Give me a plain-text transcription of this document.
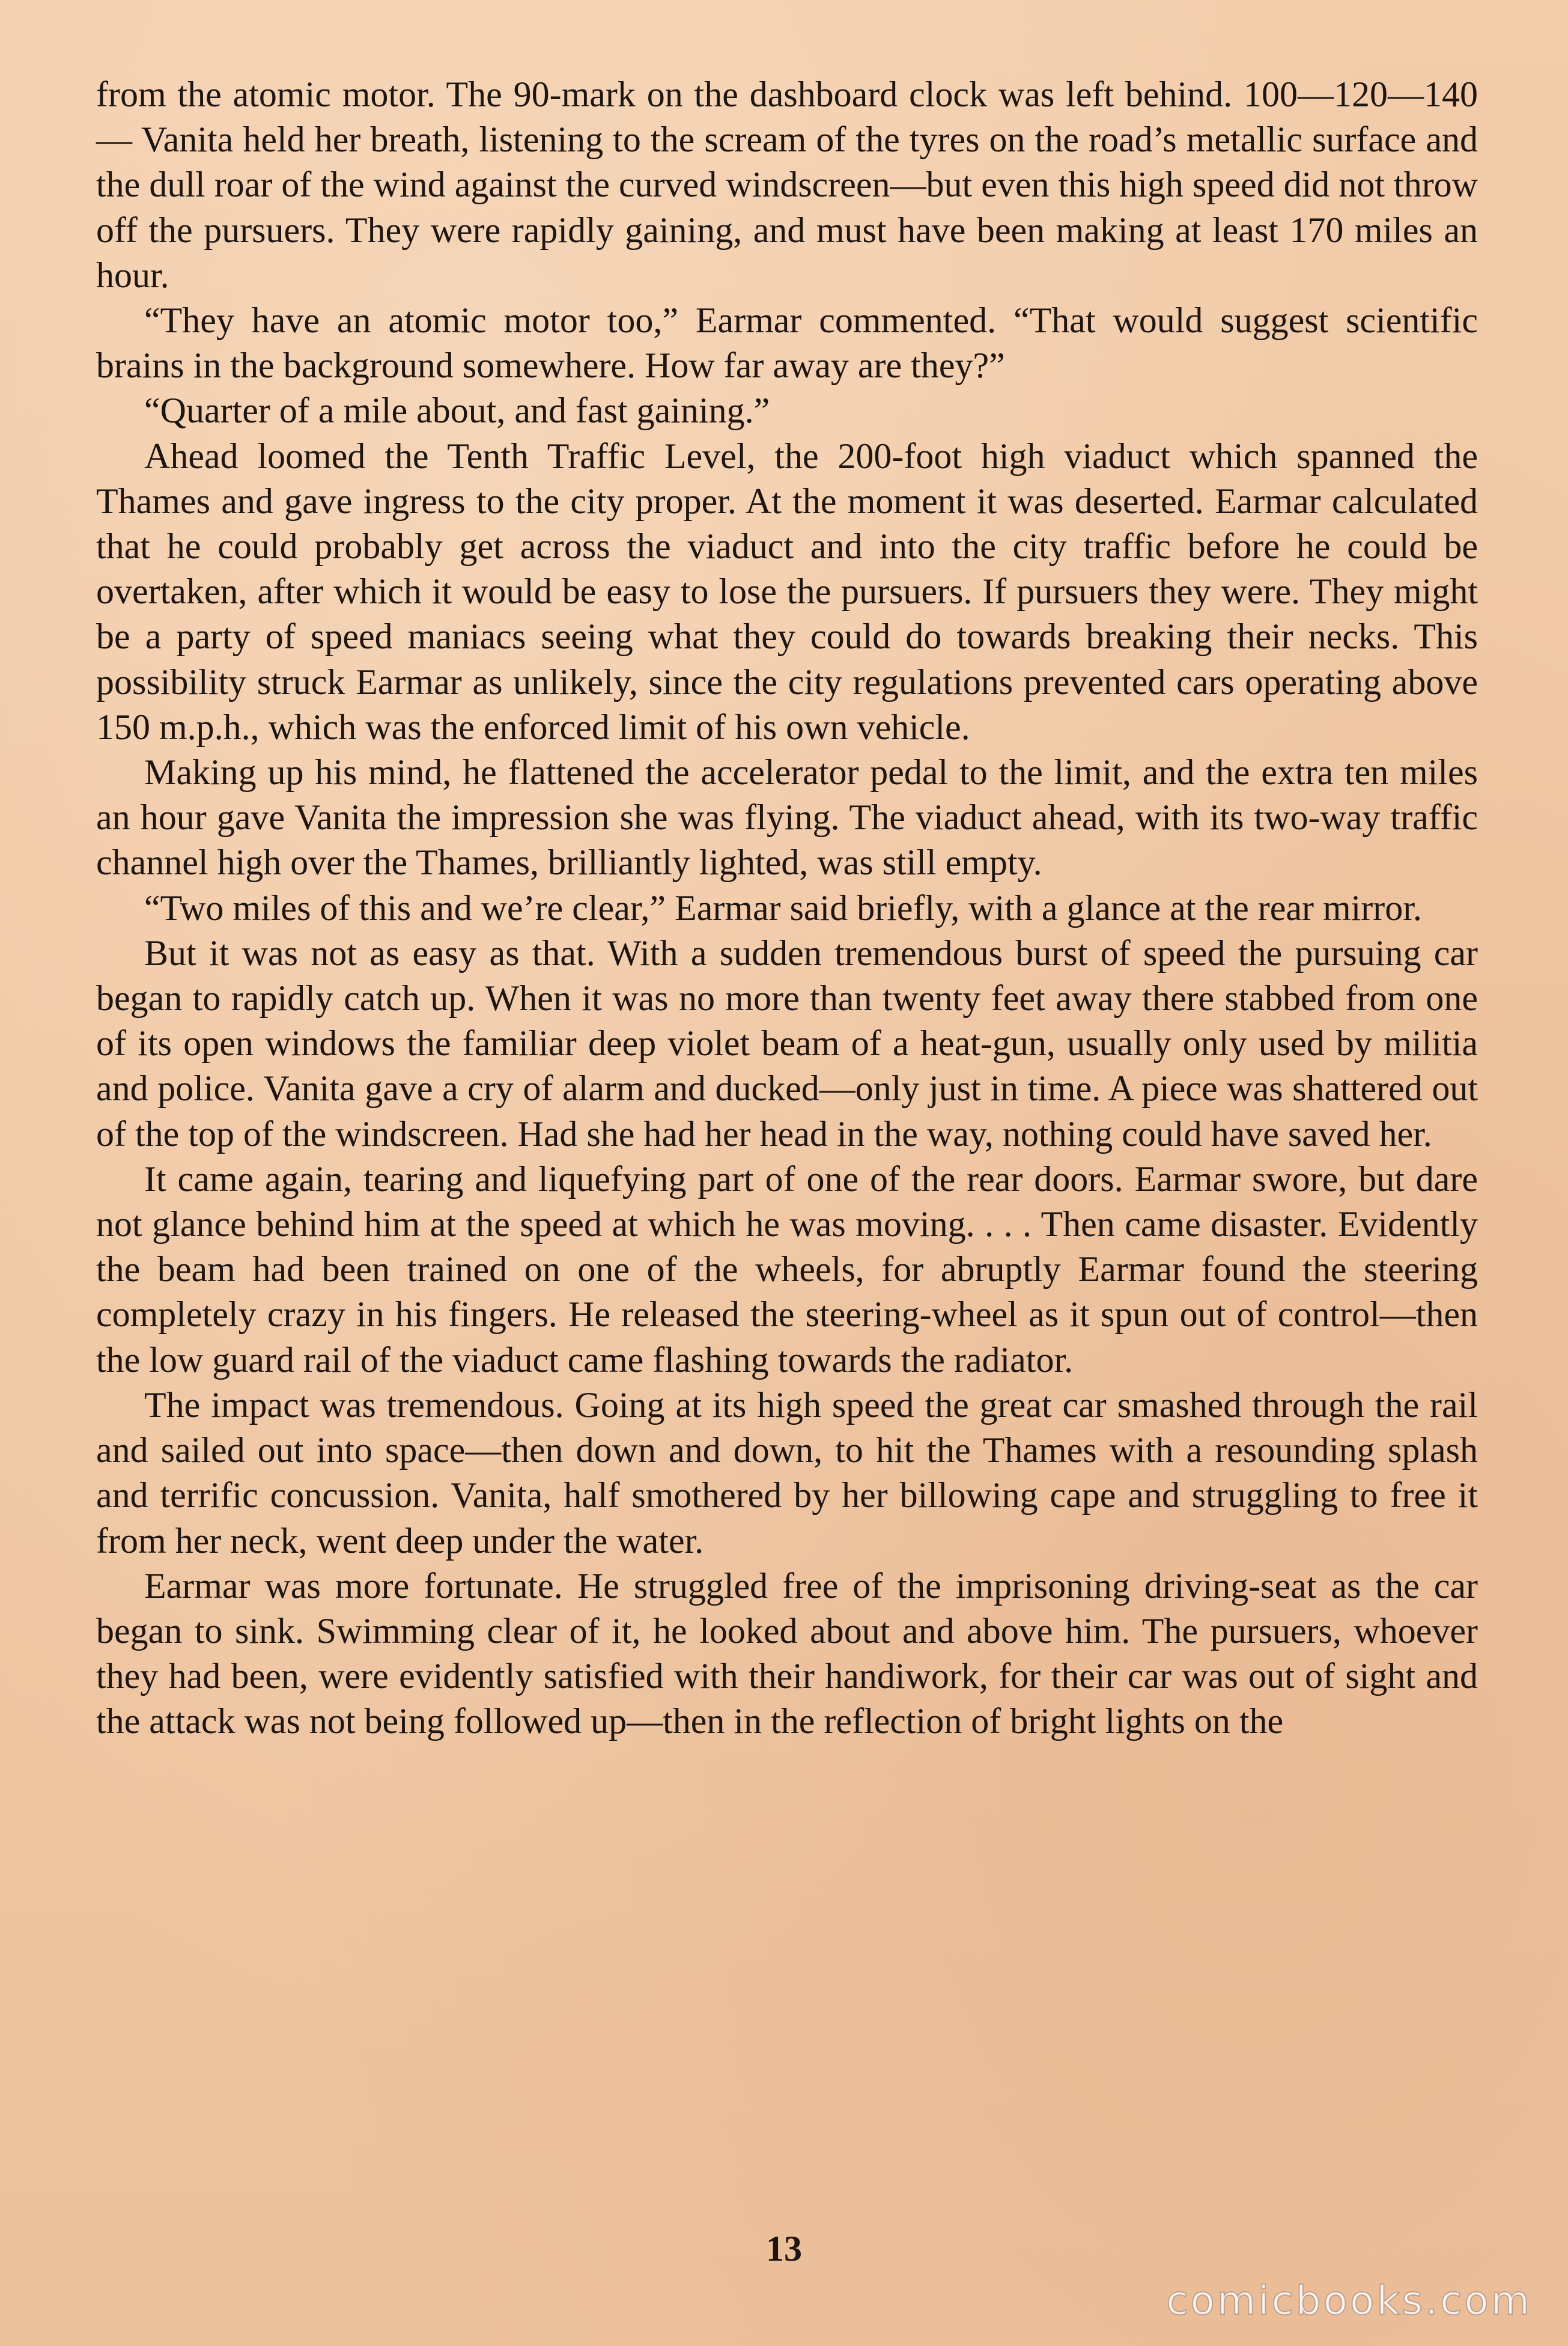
from the atomic motor. The 90-mark on the dashboard clock was left behind. 100—120—140— Vanita held her breath, listening to the scream of the tyres on the road’s metallic surface and the dull roar of the wind against the curved windscreen—but even this high speed did not throw off the pursuers. They were rapidly gaining, and must have been making at least 170 miles an hour.

“They have an atomic motor too,” Earmar commented. “That would suggest scientific brains in the background somewhere. How far away are they?”

“Quarter of a mile about, and fast gaining.”

Ahead loomed the Tenth Traffic Level, the 200-foot high viaduct which spanned the Thames and gave ingress to the city proper. At the moment it was deserted. Earmar calculated that he could probably get across the viaduct and into the city traffic before he could be overtaken, after which it would be easy to lose the pursuers. If pursuers they were. They might be a party of speed maniacs seeing what they could do towards breaking their necks. This possibility struck Earmar as unlikely, since the city regulations prevented cars operating above 150 m.p.h., which was the enforced limit of his own vehicle.

Making up his mind, he flattened the accelerator pedal to the limit, and the extra ten miles an hour gave Vanita the impression she was flying. The viaduct ahead, with its two-way traffic channel high over the Thames, brilliantly lighted, was still empty.

“Two miles of this and we’re clear,” Earmar said briefly, with a glance at the rear mirror.

But it was not as easy as that. With a sudden tremendous burst of speed the pursuing car began to rapidly catch up. When it was no more than twenty feet away there stabbed from one of its open windows the familiar deep violet beam of a heat-gun, usually only used by militia and police. Vanita gave a cry of alarm and ducked—only just in time. A piece was shattered out of the top of the windscreen. Had she had her head in the way, nothing could have saved her.

It came again, tearing and liquefying part of one of the rear doors. Earmar swore, but dare not glance behind him at the speed at which he was moving. . . . Then came disaster. Evidently the beam had been trained on one of the wheels, for abruptly Earmar found the steering completely crazy in his fingers. He released the steering-wheel as it spun out of control—then the low guard rail of the viaduct came flashing towards the radiator.

The impact was tremendous. Going at its high speed the great car smashed through the rail and sailed out into space—then down and down, to hit the Thames with a resounding splash and terrific concussion. Vanita, half smothered by her billowing cape and struggling to free it from her neck, went deep under the water.

Earmar was more fortunate. He struggled free of the imprisoning driving-seat as the car began to sink. Swimming clear of it, he looked about and above him. The pursuers, whoever they had been, were evidently satisfied with their handiwork, for their car was out of sight and the attack was not being followed up—then in the reflection of bright lights on the

13
comicbooks.com
